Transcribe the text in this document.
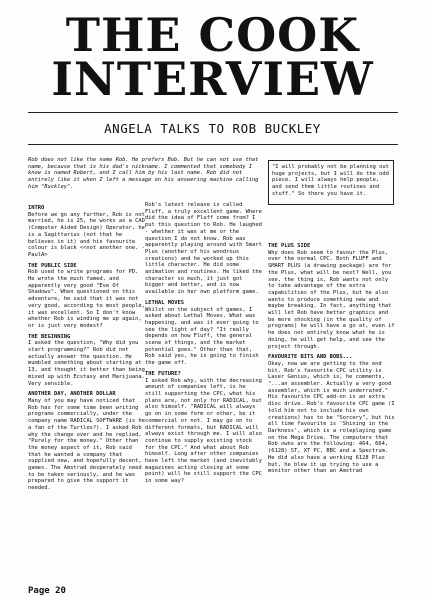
THE COOK
INTERVIEW
ANGELA TALKS TO ROB BUCKLEY
Rob does not like the name Rob. He prefers Bob. But he can not use that name, because that is his dad's nickname. I commented that somebody I know is named Robert, and I call him by his last name. Rob did not entirely like it when I left a message on his answering machine calling him "Buckley".
"I will probably not be planning out huge projects, but I will do the odd piece. I will always help people, and send them little routines and stuff." So there you have it.
INTRO
Before we go any further, Rob is not married, he is 25, he works as a CAD (Computer Aided Design) Operator, he is a Sagittarius (not that he believes in it) and his favourite colour is black <<not another one. -PaulA>
THE PUBLIC SIDE
Rob used to write programs for PD. He wrote the much famed, and apparently very good "Eve Of Shadows". When questioned on this adventure, he said that it was not very good, according to most people, it was excellent. So I don't know whether Rob is winding me up again, or is just very modest?
THE BEGINNING
I asked the question, "Why did you start programming?" Rob did not actually answer the question. He mumbled something about starting at 13, and thought it better than being mixed up with Ecstasy and Marijuana. Very sensible.
ANOTHER DAY, ANOTHER DOLLAR
Many of you may have noticed that Rob has for some time been writing programs commercially, under the company name RADICAL SOFTWARE (is he a fan of the Turtles?). I asked Rob why the change over and he replied, "Purely for the money." Other than the money aspect of it, Rob said that he wanted a company that supplied new, and hopefully decent, games. The Amstrad desperately need to be taken seriously, and he was prepared to give the support it needed.
Rob's latest release is called Fluff, a truly excellent game. Where did the idea of Fluff come from? I put this question to Rob. He laughed - whether it was at me or the question I do not know. Rob was apparently playing around with Smart Plus (another of his wondrous creations) and he worked up this little character. He did some animation and routines. He liked the character so much, it just got bigger and better, and is now available in her own platform game.
LETHAL MOVES
Whilst on the subject of games, I asked about Lethal Moves. What was happening, and was it ever going to see the light of day? "It really depends on how Fluff, the general scene of things, and the market potential goes." Other than that, Rob said yes, he is going to finish the game off.
THE FUTURE?
I asked Rob why, with the decreasing amount of companies left, is he still supporting the CPC, what his plans are, not only for RADICAL, but also himself. "RADICAL will always go on in some form or other, be it commercial or not. I may go on to different formats, but RADICAL will always exist through me. I will also continue to supply existing stock for the CPC." And what about Rob himself. Long after other companies have left the market (and inevitably magazines acting closing at some point) will he still support the CPC in some way?
THE PLUS SIDE
Why does Rob seem to favour the Plus, over the normal CPC. Both FLUFF and SMART PLUS (a drawing package) are for the Plus, what will be next? Well, you see, the thing is, Rob wants not only to take advantage of the extra capabilities of the Plus, but he also wants to produce something new and maybe breaking. In fact, anything that will let Rob have better graphics and be more shocking (in the quality of programs) he will have a go at, even if he does not entirely know what he is doing, he will get help, and see the project through.
FAVOURITE BITS AND BOBS...
Okay, now we are getting to the end bit. Rob's favourite CPC utility is Laser Genius, which is, he comments, "...an assembler. Actually a very good assembler, which is much underrated." His favourite CPC add-on is an extra disc drive. Rob's favourite CPC game (I told him not to include his own creations) has to be "Sorcery", but his all time favourite is 'Shining in the Darkness', which is a roleplaying game on the Mega Drive. The computers that Rob owns are the following: 464, 664, (6128) ST, XT PC, BBC and a Spectrum. He did also have a working 6128 Plus but, he blew it up trying to use a monitor other than an Amstrad
Page 20
